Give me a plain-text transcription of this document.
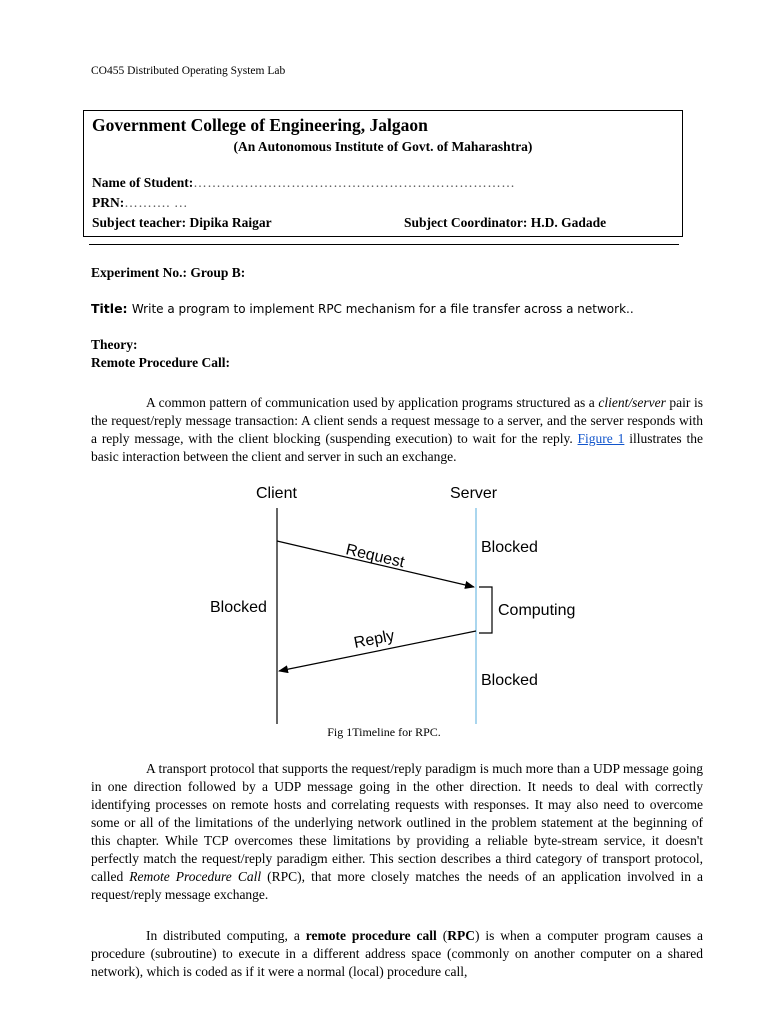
CO455 Distributed Operating System Lab
Government College of Engineering, Jalgaon
(An Autonomous Institute of Govt. of Maharashtra)
Name of Student:……………………………………………………………
PRN:………. …
Subject teacher: Dipika Raigar	Subject Coordinator: H.D. Gadade
Experiment No.: Group B:
Title: Write a program to implement RPC mechanism for a file transfer across a network..
Theory:
Remote Procedure Call:

A common pattern of communication used by application programs structured as a client/server pair is the request/reply message transaction: A client sends a request message to a server, and the server responds with a reply message, with the client blocking (suspending execution) to wait for the reply. Figure 1 illustrates the basic interaction between the client and server in such an exchange.

Client	Server
Request
Reply
Blocked
Blocked	Computing
Blocked
Fig 1Timeline for RPC.

A transport protocol that supports the request/reply paradigm is much more than a UDP message going in one direction followed by a UDP message going in the other direction. It needs to deal with correctly identifying processes on remote hosts and correlating requests with responses. It may also need to overcome some or all of the limitations of the underlying network outlined in the problem statement at the beginning of this chapter. While TCP overcomes these limitations by providing a reliable byte-stream service, it doesn't perfectly match the request/reply paradigm either. This section describes a third category of transport protocol, called Remote Procedure Call (RPC), that more closely matches the needs of an application involved in a request/reply message exchange.

In distributed computing, a remote procedure call (RPC) is when a computer program causes a procedure (subroutine) to execute in a different address space (commonly on another computer on a shared network), which is coded as if it were a normal (local) procedure call,
